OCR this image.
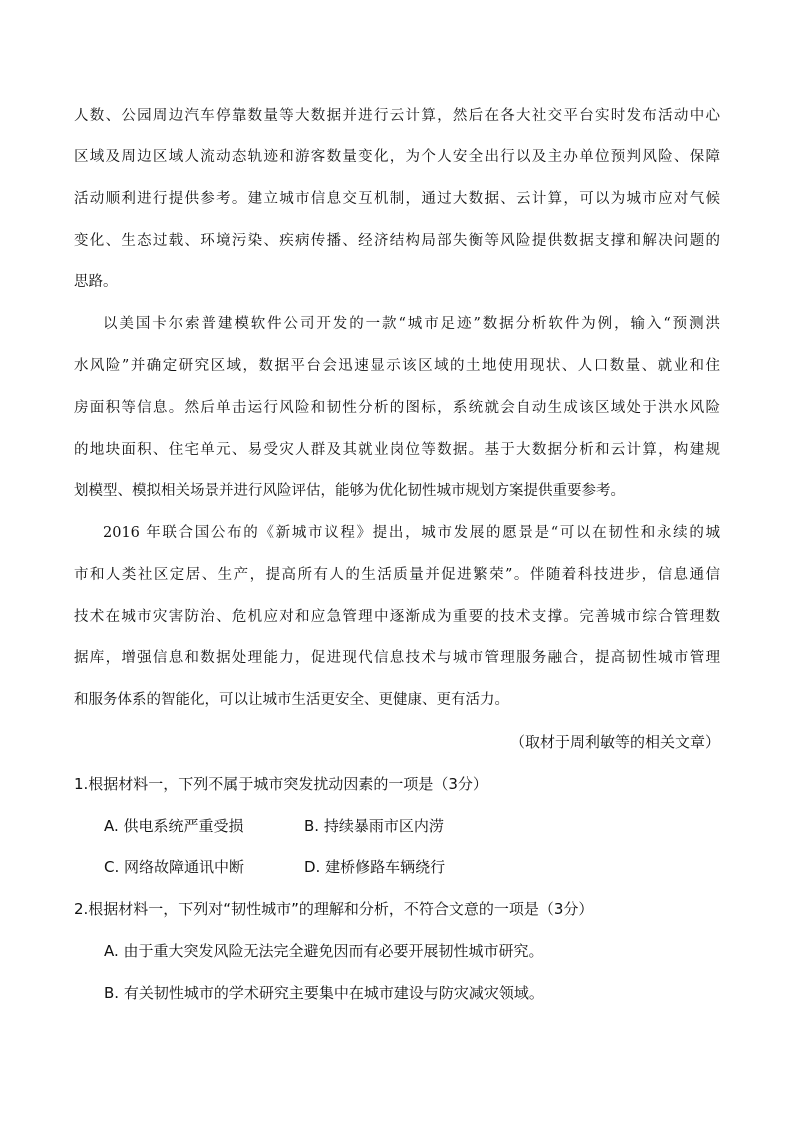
人数、公园周边汽车停靠数量等大数据并进行云计算，然后在各大社交平台实时发布活动中心
区域及周边区域人流动态轨迹和游客数量变化，为个人安全出行以及主办单位预判风险、保障
活动顺利进行提供参考。建立城市信息交互机制，通过大数据、云计算，可以为城市应对气候
变化、生态过载、环境污染、疾病传播、经济结构局部失衡等风险提供数据支撑和解决问题的
思路。
以美国卡尔索普建模软件公司开发的一款“城市足迹”数据分析软件为例，输入“预测洪
水风险”并确定研究区域，数据平台会迅速显示该区域的土地使用现状、人口数量、就业和住
房面积等信息。然后单击运行风险和韧性分析的图标，系统就会自动生成该区域处于洪水风险
的地块面积、住宅单元、易受灾人群及其就业岗位等数据。基于大数据分析和云计算，构建规
划模型、模拟相关场景并进行风险评估，能够为优化韧性城市规划方案提供重要参考。
2016 年联合国公布的《新城市议程》提出，城市发展的愿景是“可以在韧性和永续的城
市和人类社区定居、生产，提高所有人的生活质量并促进繁荣”。伴随着科技进步，信息通信
技术在城市灾害防治、危机应对和应急管理中逐渐成为重要的技术支撑。完善城市综合管理数
据库，增强信息和数据处理能力，促进现代信息技术与城市管理服务融合，提高韧性城市管理
和服务体系的智能化，可以让城市生活更安全、更健康、更有活力。
（取材于周利敏等的相关文章）
1.根据材料一，下列不属于城市突发扰动因素的一项是（3分）
A. 供电系统严重受损	B. 持续暴雨市区内涝
C. 网络故障通讯中断	D. 建桥修路车辆绕行
2.根据材料一，下列对“韧性城市”的理解和分析，不符合文意的一项是（3分）
A. 由于重大突发风险无法完全避免因而有必要开展韧性城市研究。
B. 有关韧性城市的学术研究主要集中在城市建设与防灾减灾领域。
